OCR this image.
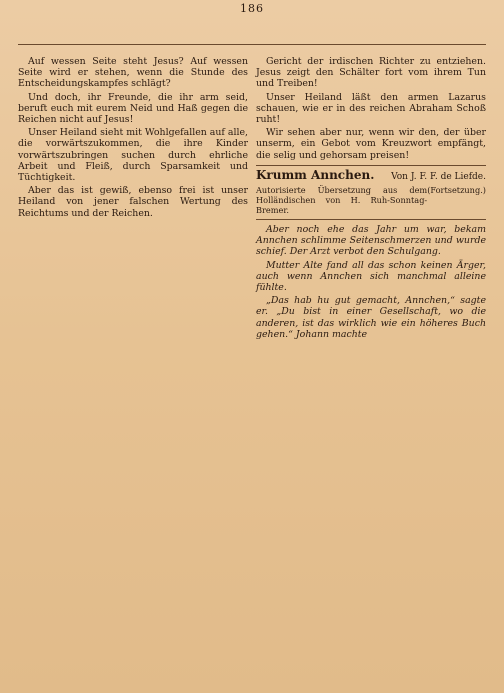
186

Auf wessen Seite steht Jesus? Auf wessen Seite wird er stehen, wenn die Stunde des Entscheidungskampfes schlägt?

Und doch, ihr Freunde, die ihr arm seid, beruft euch mit eurem Neid und Haß gegen die Reichen nicht auf Jesus!

Unser Heiland sieht mit Wohlgefallen auf alle, die vorwärtszukommen, die ihre Kinder vorwärtszubringen suchen durch ehrliche Arbeit und Fleiß, durch Sparsamkeit und Tüchtigkeit.

Aber das ist gewiß, ebenso frei ist unser Heiland von jener falschen Wertung des Reichtums und der Reichen.

Gericht der irdischen Richter zu entziehen. Jesus zeigt den Schälter fort vom ihrem Tun und Treiben!

Unser Heiland läßt den armen Lazarus schauen, wie er in des reichen Abraham Schoß ruht!

Wir sehen aber nur, wenn wir den, der über unserm, ein Gebot vom Kreuzwort empfängt, die selig und gehorsam preisen!

Krumm Annchen. Von J. F. F. de Liefde.
Autorisierte Übersetzung aus dem Holländischen von H. Ruh-Sonntag-Bremer.
(Fortsetzung.)

Aber noch ehe das Jahr um war, bekam Annchen schlimme Seitenschmerzen und wurde schief. Der Arzt verbot den Schulgang.

Mutter Alte fand all das schon keinen Ärger, auch wenn Annchen sich manchmal alleine fühlte.

„Das hab hu gut gemacht, Annchen,“ sagte er. „Du bist in einer Gesellschaft, wo die anderen, ist das wirklich wie ein höheres Buch gehen.“ Johann machte
